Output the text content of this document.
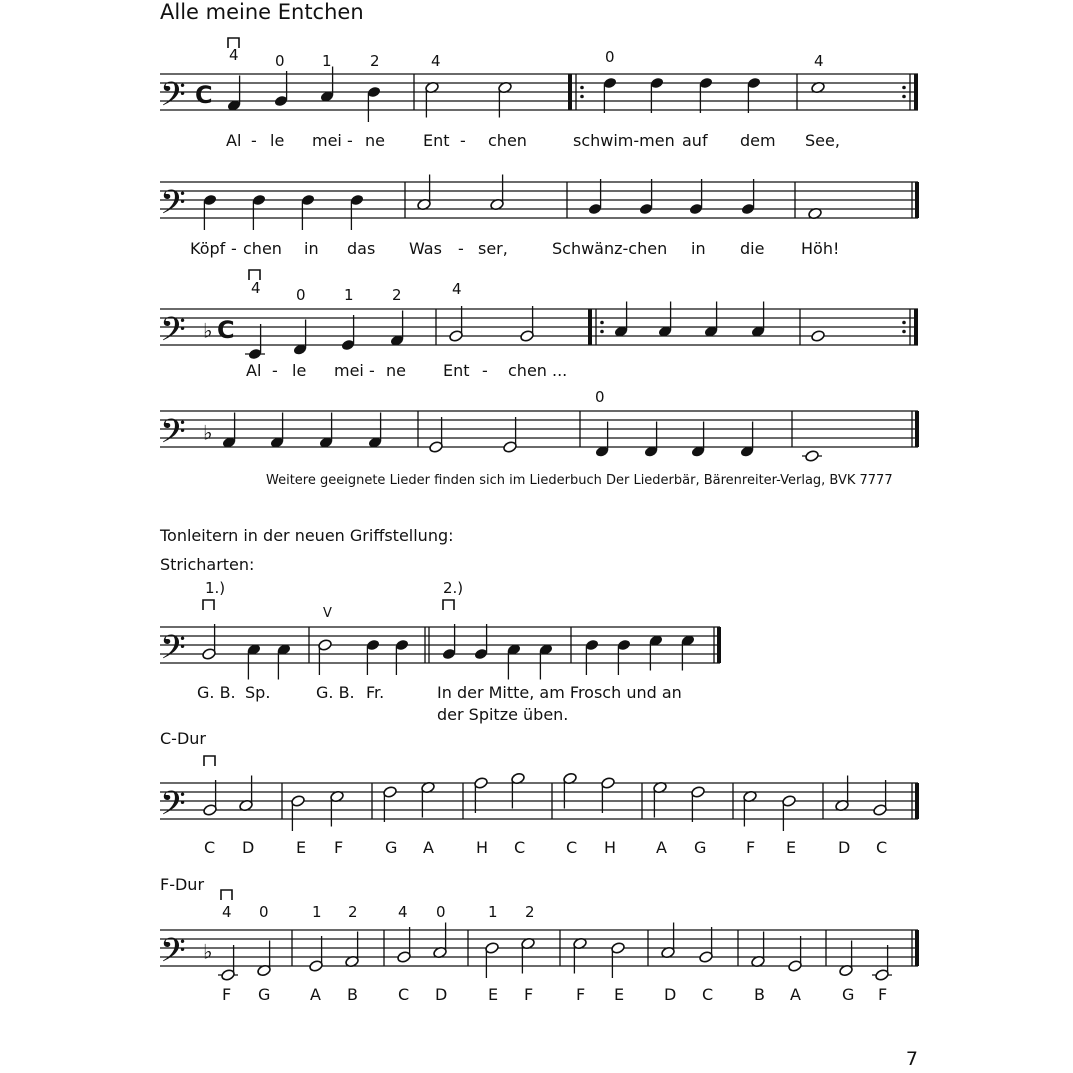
Alle meine Entchen
𝄢 C
𝄢
𝄢 ♭ C
𝄢 ♭
𝄢
𝄢
𝄢 ♭
4 0 1	2	4	0	4
Al - le mei - ne Ent - chen	schwim-men auf dem See,
Köpf - chen in das Was - ser,	Schwänz-chen in die Höh!
4 0	1	2	4
Al - le mei - ne Ent - chen ...
0
Weitere geeignete Lieder finden sich im Liederbuch Der Liederbär, Bärenreiter-Verlag, BVK 7777
Tonleitern in der neuen Griffstellung:
Stricharten:
1.)	2.)
V
G. B. Sp.	G. B. Fr.	In der Mitte, am Frosch und an
der Spitze üben.
C-Dur
C D	E F	G A	H C	C H A G F E	D C
F-Dur
4 0	1 2	4 0	1 2
F G A B	C D	E F	F E D C	B A	G F
7
